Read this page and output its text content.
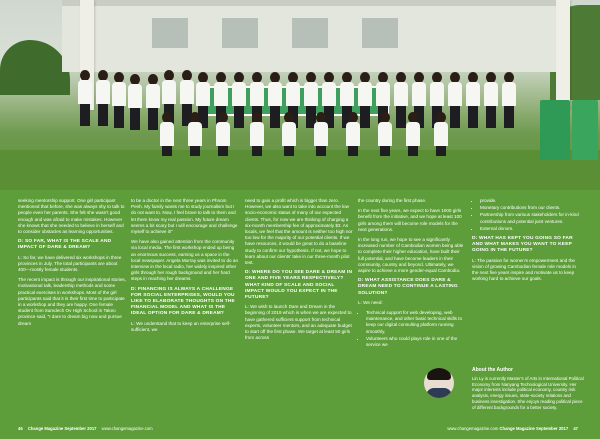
seeking mentorship support. One girl participant mentioned that before, she was always shy to talk to people even her parents. She felt she wasn't good enough and was afraid to make mistakes. However she knows that she needed to believe in herself and to consider obstacles as learning opportunities.

D: SO FAR, WHAT IS THE SCALE AND IMPACT OF DARE & DREAM?

L: So far, we have delivered six workshops in three provinces in July. The total participants are about 400—mostly female students.

The recent impact is through our inspirational stories, motivational talk, leadership methods and some practical exercises in workshops. Most of the girl participants said that it is their first time to participate in a workshop and they are happy. One female student from Samdech Ov High School in Takeo province said, "I dare to dream big now and pursue dream

to be a doctor in the next three years in Phnom Penh. My family wants me to study journalism but I do not want to. Now, I feel brave to talk to them and let them know my real passion. My future dream seems a bit scary but I will encourage and challenge myself to achieve it!"

We have also gained attention from the community via local media. The first workshop ended up being an enormous success, earning us a space in the local newspaper. Angela Murray was invited to do an interview in the local radio, her widely inspired other girls through her rough background and her hard steps in reaching her dreams.

D: FINANCING IS ALWAYS A CHALLENGE FOR SOCIAL ENTERPRISES, WOULD YOU LIKE TO ELABORATE THOUGHTS ON THE FINANCIAL MODEL AND WHAT IS THE IDEAL OPTION FOR DARE & DREAM?

L: We understand that to keep an enterprise self-sufficient, we

need to gain a profit which is bigger than zero. However, we also want to take into account the low socio-economic status of many of our expected clients. Thus, for now we are thinking of charging a six-month membership fee of approximately $3. As locals, we feel that the amount is neither too high nor too low for the majority of our potential clients. If we have resources, it would be great to do a baseline study to confirm our hypothesis. If not, we hope to learn about our clients' take in our three-month pilot test.

D: WHERE DO YOU SEE DARE & DREAM IN ONE AND FIVE YEARS RESPECTIVELY? WHAT KIND OF SCALE AND SOCIAL IMPACT WOULD YOU EXPECT IN THE FUTURE?

L: We wish to launch Dare and Dream in the beginning of 2019 which is when we are expected to have gathered sufficient support from technical experts, volunteer mentors, and an adequate budget to start off the first phase. We target at least 50 girls from across

the country during the first phase.

In the next five years, we expect to have 1000 girls benefit from the initiative, and we hope at least 100 girls among them will become role models for the next generations.

In the long run, we hope to see a significantly increased number of Cambodian women being able to complete their higher education, have built their full potential, and have become leaders in their community, country and beyond. Ultimately, we aspire to achieve a more gender-equal Cambodia.

D: WHAT ASSISTANCE DOES DARE & DREAM NEED TO CONTINUE A LASTING SOLUTION?

L: We need:

• Technical support for web developing, web maintenance, and other basic technical skills to keep our digital consulting platform running smoothly.
• Volunteers who could plays role in one of the service we
• provide.
• Monetary contributions from our clients.
• Partnership from various stakeholders for in-kind contributions and potential joint ventures.
• External donors.
D: WHAT HAS KEPT YOU GOING SO FAR AND WHAT MAKES YOU WANT TO KEEP GOING IN THE FUTURE?

L: The passion for women's empowerment and the vision of growing Cambodian female role models in the next five years inspire and motivate us to keep working hard to achieve our goals.

About the Author
Lin Ly is currently Master's of Arts in International Political Economy from Nanyang Technological University. Her major interests include political economy, country risk analysis, energy issues, state-society relations and business investigation. She enjoys reading political piece of different backgrounds for a better society.
46 Change Magazine September 2017 www.changemagazine.com	www.changemagazine.com Change Magazine September 2017 47
